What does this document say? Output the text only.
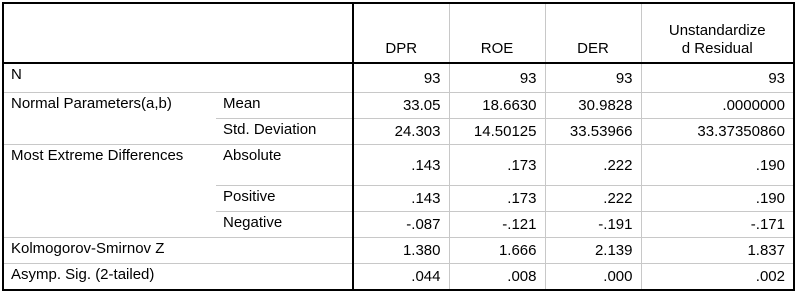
		DPR	ROE	DER	Unstandardized Residual
N		93	93	93	93
Normal Parameters(a,b)	Mean	33.05	18.6630	30.9828	.0000000
	Std. Deviation	24.303	14.50125	33.53966	33.37350860
Most Extreme Differences	Absolute	.143	.173	.222	.190
	Positive	.143	.173	.222	.190
	Negative	-.087	-.121	-.191	-.171
Kolmogorov-Smirnov Z		1.380	1.666	2.139	1.837
Asymp. Sig. (2-tailed)		.044	.008	.000	.002
